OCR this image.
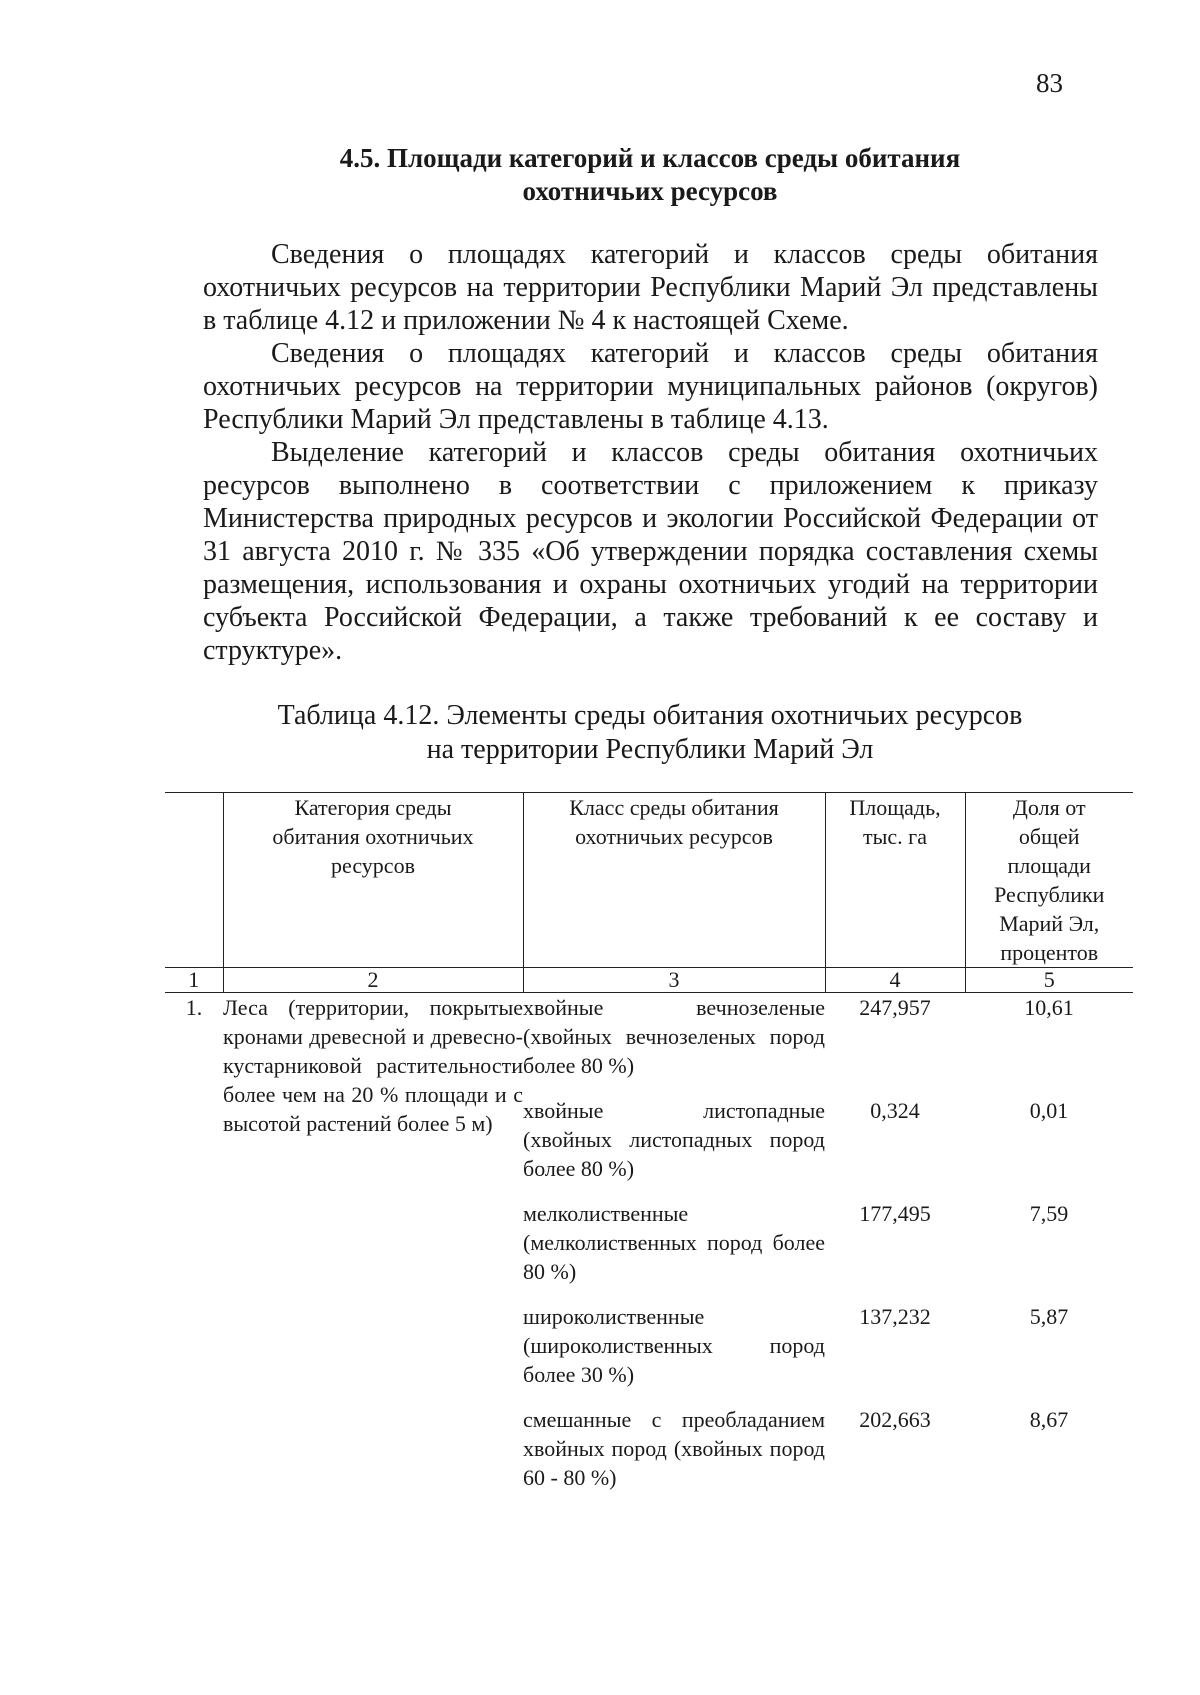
83
4.5. Площади категорий и классов среды обитания
охотничьих ресурсов

Сведения о площадях категорий и классов среды обитания охотничьих ресурсов на территории Республики Марий Эл представлены в таблице 4.12 и приложении № 4 к настоящей Схеме.

Сведения о площадях категорий и классов среды обитания охотничьих ресурсов на территории муниципальных районов (округов) Республики Марий Эл представлены в таблице 4.13.

Выделение категорий и классов среды обитания охотничьих ресурсов выполнено в соответствии с приложением к приказу Министерства природных ресурсов и экологии Российской Федерации от 31 августа 2010 г. № 335 «Об утверждении порядка составления схемы размещения, использования и охраны охотничьих угодий на территории субъекта Российской Федерации, а также требований к ее составу и структуре».

Таблица 4.12. Элементы среды обитания охотничьих ресурсов
на территории Республики Марий Эл
	Категория среды обитания охотничьих ресурсов	Класс среды обитания охотничьих ресурсов	Площадь, тыс. га	Доля от общей площади Республики Марий Эл, процентов
1	2	3	4	5
1.	Леса (территории, покрытые кронами древесной и древесно-кустарниковой растительности более чем на 20 % площади и с высотой растений более 5 м)	хвойные вечнозеленые (хвойных вечнозеленых пород более 80 %)	247,957	10,61

		хвойные листопадные (хвойных листопадных пород более 80 %)	0,324	0,01

		мелколиственные (мелколиственных пород более 80 %)	177,495	7,59

		широколиственные (широколиственных пород более 30 %)	137,232	5,87

		смешанные с преобладанием хвойных пород (хвойных пород 60 - 80 %)	202,663	8,67
